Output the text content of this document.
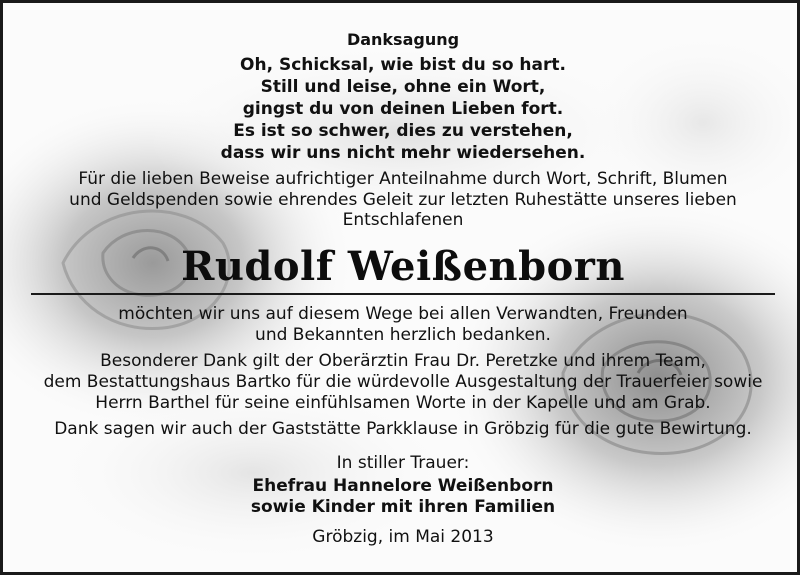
Danksagung
Oh, Schicksal, wie bist du so hart.
Still und leise, ohne ein Wort,
gingst du von deinen Lieben fort.
Es ist so schwer, dies zu verstehen,
dass wir uns nicht mehr wiedersehen.
Für die lieben Beweise aufrichtiger Anteilnahme durch Wort, Schrift, Blumen
und Geldspenden sowie ehrendes Geleit zur letzten Ruhestätte unseres lieben
Entschlafenen
Rudolf Weißenborn
möchten wir uns auf diesem Wege bei allen Verwandten, Freunden
und Bekannten herzlich bedanken.
Besonderer Dank gilt der Oberärztin Frau Dr. Peretzke und ihrem Team,
dem Bestattungshaus Bartko für die würdevolle Ausgestaltung der Trauerfeier sowie
Herrn Barthel für seine einfühlsamen Worte in der Kapelle und am Grab.
Dank sagen wir auch der Gaststätte Parkklause in Gröbzig für die gute Bewirtung.
In stiller Trauer:
Ehefrau Hannelore Weißenborn
sowie Kinder mit ihren Familien
Gröbzig, im Mai 2013
